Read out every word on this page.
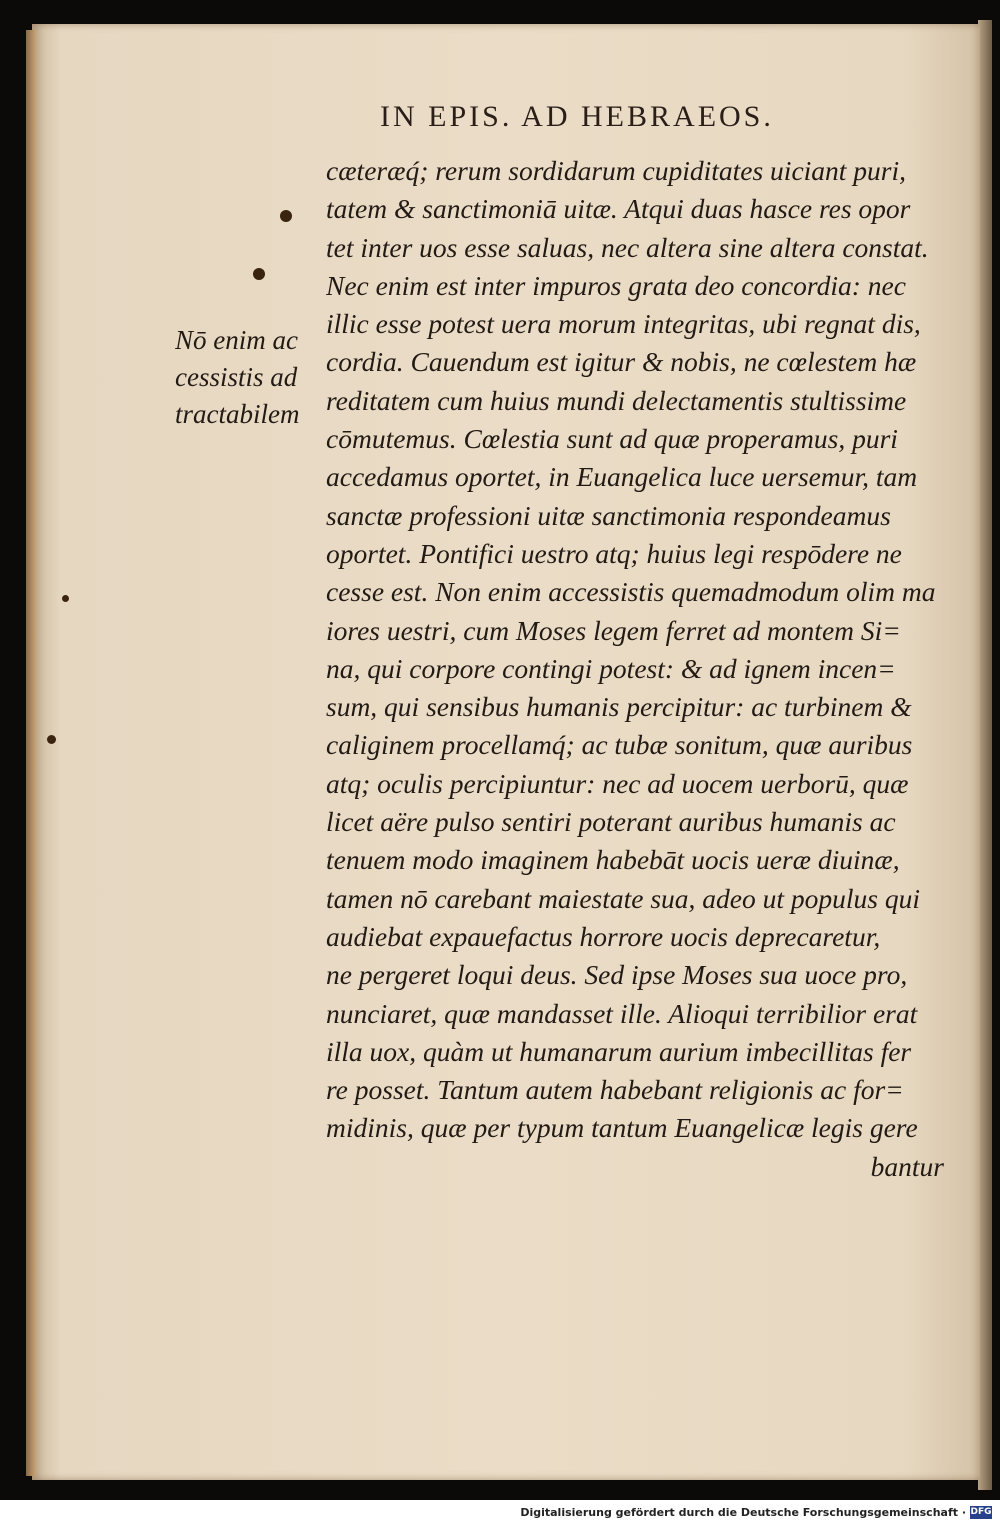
IN EPIS. AD HEBRAEOS.
Nō enim ac
cessistis ad
tractabilem
cæteræq́; rerum sordidarum cupiditates uiciant puri,
tatem & sanctimoniā uitæ. Atqui duas hasce res opor
tet inter uos esse saluas, nec altera sine altera constat.
Nec enim est inter impuros grata deo concordia: nec
illic esse potest uera morum integritas, ubi regnat dis,
cordia. Cauendum est igitur & nobis, ne cœlestem hæ
reditatem cum huius mundi delectamentis stultissime
cōmutemus. Cœlestia sunt ad quæ properamus, puri
accedamus oportet, in Euangelica luce uersemur, tam
sanctæ professioni uitæ sanctimonia respondeamus
oportet. Pontifici uestro atq; huius legi respōdere ne
cesse est. Non enim accessistis quemadmodum olim ma
iores uestri, cum Moses legem ferret ad montem Si=
na, qui corpore contingi potest: & ad ignem incen=
sum, qui sensibus humanis percipitur: ac turbinem &
caliginem procellamq́; ac tubæ sonitum, quæ auribus
atq; oculis percipiuntur: nec ad uocem uerborū, quæ
licet aëre pulso sentiri poterant auribus humanis ac
tenuem modo imaginem habebāt uocis ueræ diuinæ,
tamen nō carebant maiestate sua, adeo ut populus qui
audiebat expauefactus horrore uocis deprecaretur,
ne pergeret loqui deus. Sed ipse Moses sua uoce pro,
nunciaret, quæ mandasset ille. Alioqui terribilior erat
illa uox, quàm ut humanarum aurium imbecillitas fer
re posset. Tantum autem habebant religionis ac for=
midinis, quæ per typum tantum Euangelicæ legis gere
bantur
Digitalisierung gefördert durch die Deutsche Forschungsgemeinschaft · DFG
